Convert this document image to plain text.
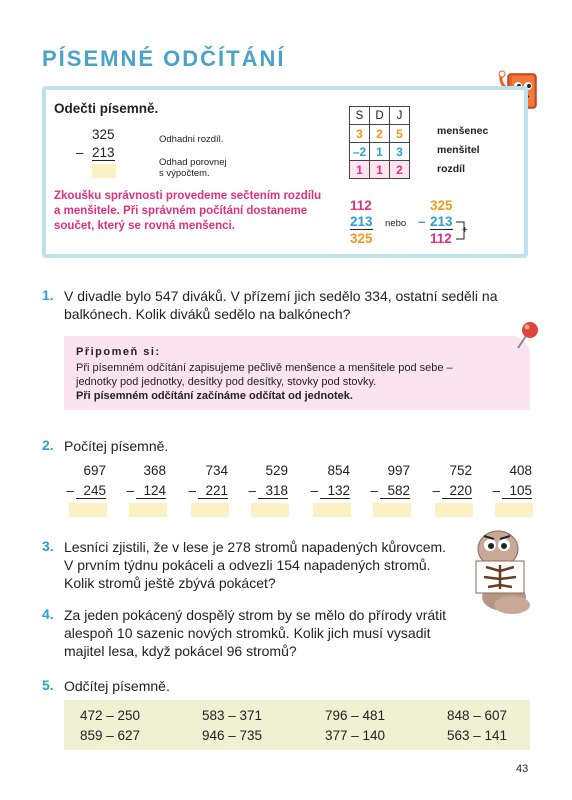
PÍSEMNÉ ODČÍTÁNÍ
Odečti písemně.
325
– 213
Odhadni rozdíl.
Odhad porovnej
s výpočtem.
Zkoušku správnosti provedeme sečtením rozdílu a menšitele. Při správném počítání dostaneme součet, který se rovná menšenci.
S	D	J
3	2	5
–2	1	3
1	1	2
menšenec
menšitel
rozdíl
112
213
325
nebo
325
– 213
112
+
1. V divadle bylo 547 diváků. V přízemí jich sedělo 334, ostatní seděli na
balkónech. Kolik diváků sedělo na balkónech?
Připomeň si:
Při písemném odčítání zapisujeme pečlivě menšence a menšitele pod sebe –
jednotky pod jednotky, desítky pod desítky, stovky pod stovky.
Při písemném odčítání začínáme odčítat od jednotek.
2. Počítej písemně.
697
– 245
368
– 124
734
– 221
529
– 318
854
– 132
997
– 582
752
– 220
408
– 105
3. Lesníci zjistili, že v lese je 278 stromů napadených kůrovcem.
V prvním týdnu pokáceli a odvezli 154 napadených stromů.
Kolik stromů ještě zbývá pokácet?
4. Za jeden pokácený dospělý strom by se mělo do přírody vrátit
alespoň 10 sazenic nových stromků. Kolik jich musí vysadit
majitel lesa, když pokácel 96 stromů?
5. Odčítej písemně.
472 – 250	583 – 371	796 – 481	848 – 607
859 – 627	946 – 735	377 – 140	563 – 141
43
